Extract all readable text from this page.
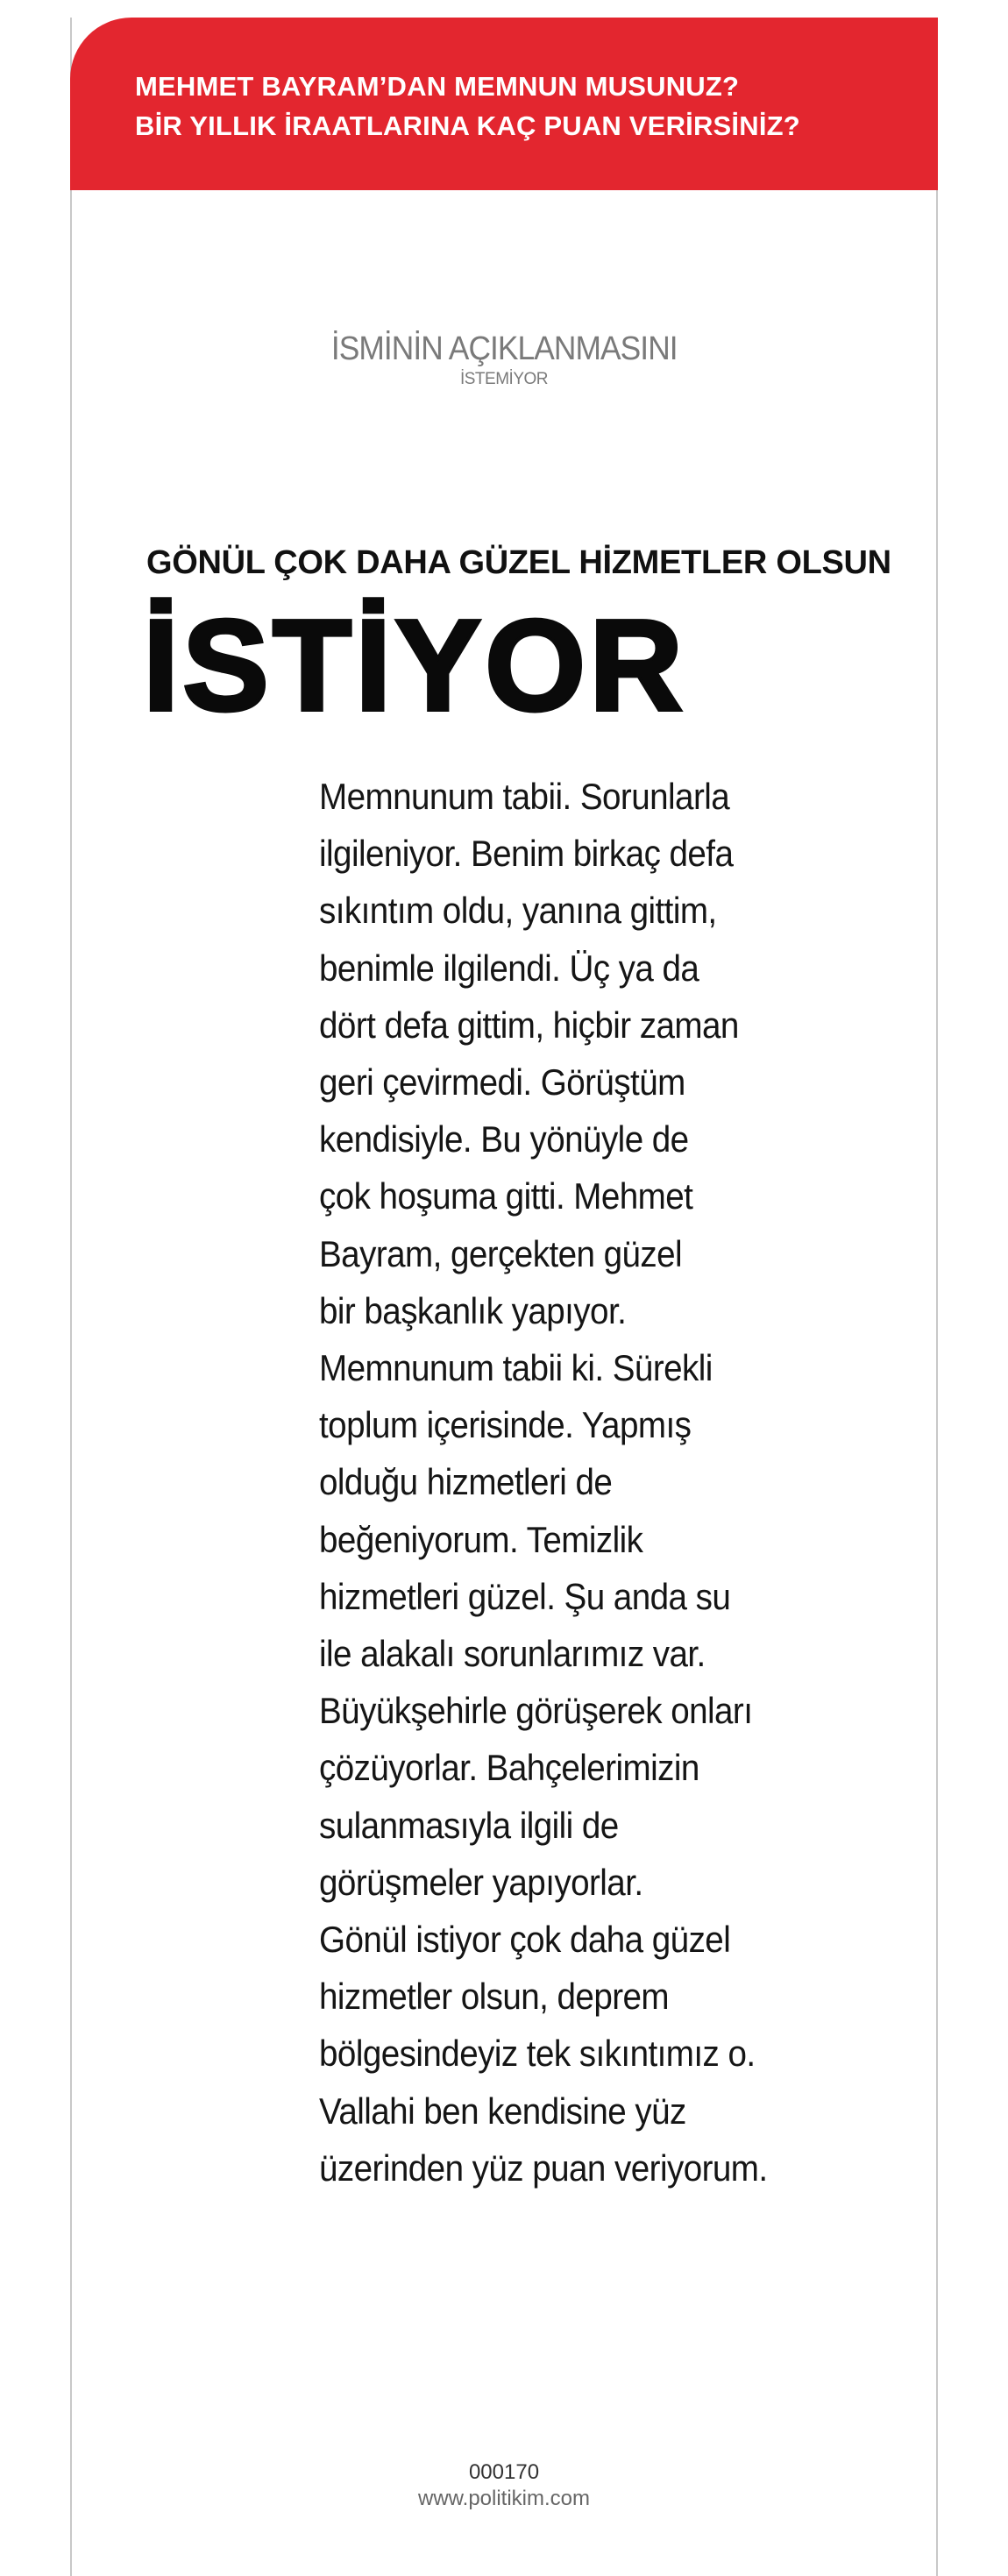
MEHMET BAYRAM’DAN MEMNUN MUSUNUZ?
BİR YILLIK İRAATLARINA KAÇ PUAN VERİRSİNİZ?
İSMİNİN AÇIKLANMASINI
İSTEMİYOR
GÖNÜL ÇOK DAHA GÜZEL HİZMETLER OLSUN
İSTİYOR
Memnunum tabii. Sorunlarla
ilgileniyor. Benim birkaç defa
sıkıntım oldu, yanına gittim,
benimle ilgilendi. Üç ya da
dört defa gittim, hiçbir zaman
geri çevirmedi. Görüştüm
kendisiyle. Bu yönüyle de
çok hoşuma gitti. Mehmet
Bayram, gerçekten güzel
bir başkanlık yapıyor.
Memnunum tabii ki. Sürekli
toplum içerisinde. Yapmış
olduğu hizmetleri de
beğeniyorum. Temizlik
hizmetleri güzel. Şu anda su
ile alakalı sorunlarımız var.
Büyükşehirle görüşerek onları
çözüyorlar. Bahçelerimizin
sulanmasıyla ilgili de
görüşmeler yapıyorlar.
Gönül istiyor çok daha güzel
hizmetler olsun, deprem
bölgesindeyiz tek sıkıntımız o.
Vallahi ben kendisine yüz
üzerinden yüz puan veriyorum.
000170
www.politikim.com
